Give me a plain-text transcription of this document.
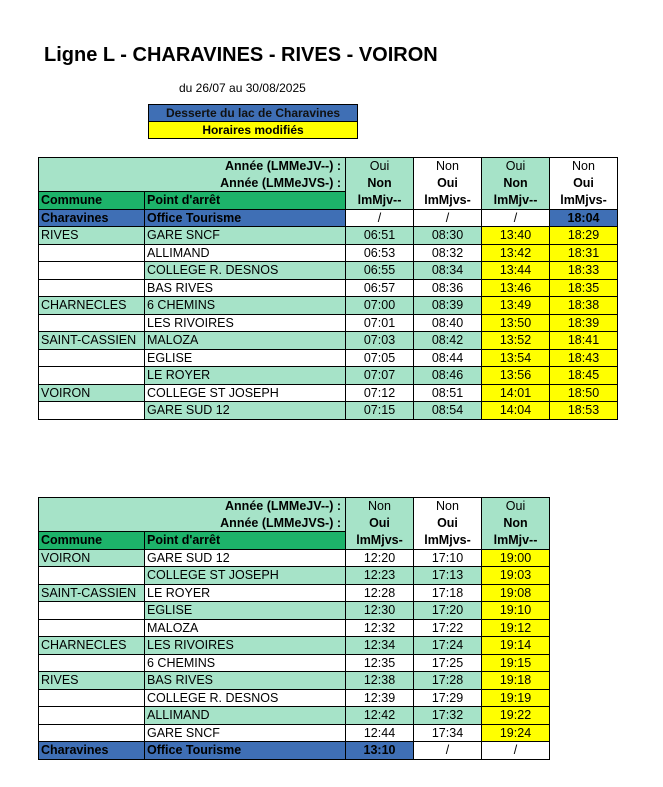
Ligne L - CHARAVINES - RIVES - VOIRON
du 26/07 au 30/08/2025
Desserte du lac de Charavines
Horaires modifiés
Année (LMMeJV--) :		Oui	Non	Oui	Non
Année (LMMeJVS-) :		Non	Oui	Non	Oui
Commune	Point d'arrêt	lmMjv--	lmMjvs-	lmMjv--	lmMjvs-
Charavines	Office Tourisme	/	/	/	18:04
RIVES	GARE SNCF	06:51	08:30	13:40	18:29
	ALLIMAND	06:53	08:32	13:42	18:31
	COLLEGE R. DESNOS	06:55	08:34	13:44	18:33
	BAS RIVES	06:57	08:36	13:46	18:35
CHARNECLES	6 CHEMINS	07:00	08:39	13:49	18:38
	LES RIVOIRES	07:01	08:40	13:50	18:39
SAINT-CASSIEN	MALOZA	07:03	08:42	13:52	18:41
	EGLISE	07:05	08:44	13:54	18:43
	LE ROYER	07:07	08:46	13:56	18:45
VOIRON	COLLEGE ST JOSEPH	07:12	08:51	14:01	18:50
	GARE SUD 12	07:15	08:54	14:04	18:53
Année (LMMeJV--) :		Non	Non	Oui
Année (LMMeJVS-) :		Oui	Oui	Non
Commune	Point d'arrêt	lmMjvs-	lmMjvs-	lmMjv--
VOIRON	GARE SUD 12	12:20	17:10	19:00
	COLLEGE ST JOSEPH	12:23	17:13	19:03
SAINT-CASSIEN	LE ROYER	12:28	17:18	19:08
	EGLISE	12:30	17:20	19:10
	MALOZA	12:32	17:22	19:12
CHARNECLES	LES RIVOIRES	12:34	17:24	19:14
	6 CHEMINS	12:35	17:25	19:15
RIVES	BAS RIVES	12:38	17:28	19:18
	COLLEGE R. DESNOS	12:39	17:29	19:19
	ALLIMAND	12:42	17:32	19:22
	GARE SNCF	12:44	17:34	19:24
Charavines	Office Tourisme	13:10	/	/
